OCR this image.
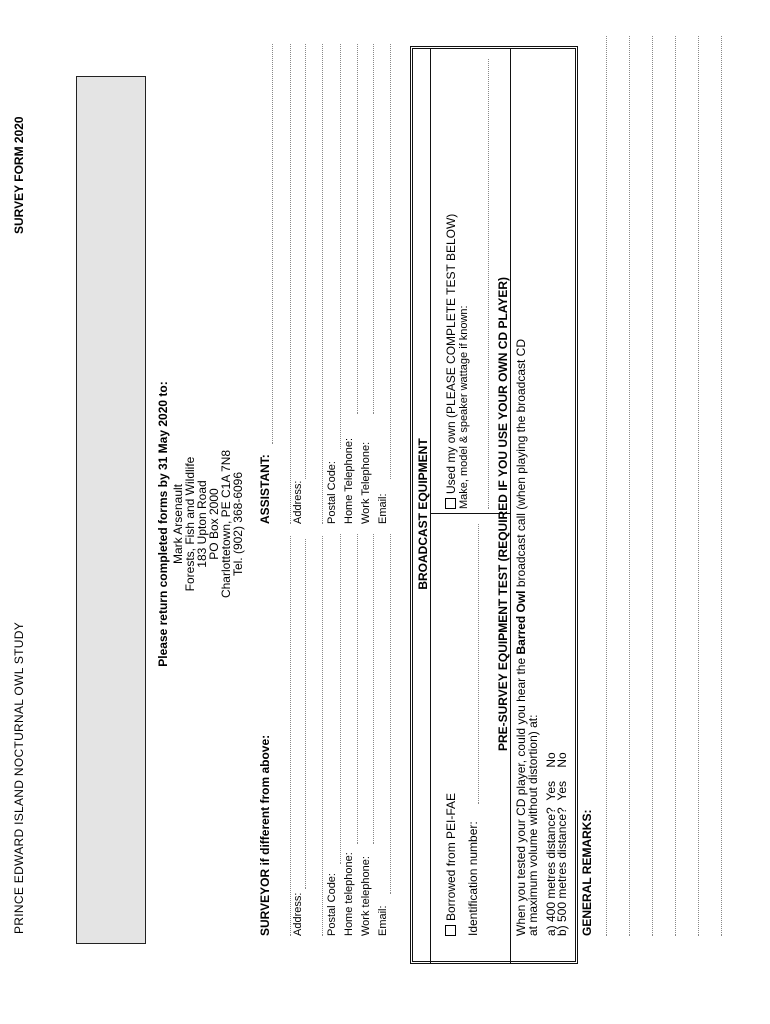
PRINCE EDWARD ISLAND NOCTURNAL OWL STUDY
SURVEY FORM 2020
Please return completed forms by 31 May 2020 to: Mark Arsenault
Forests, Fish and Wildlife
183 Upton Road
PO Box 2000
Charlottetown, PE C1A 7N8
Tel. (902) 368-6096
SURVEYOR if different from above: Address: Postal Code: Home telephone: Work telephone: Email:
ASSISTANT: Address: Postal Code: Home Telephone: Work Telephone: Email: BROADCAST EQUIPMENT
Borrowed from PEI-FAE Identification number:
Used my own (PLEASE COMPLETE TEST BELOW) Make, model & speaker wattage if known: PRE-SURVEY EQUIPMENT TEST (REQUIRED IF YOU USE YOUR OWN CD PLAYER)
When you tested your CD player, could you hear the Barred Owl broadcast call (when playing the broadcast CD
at maximum volume without distortion) at: a) 400 metres distance?  Yes    No
b) 500 metres distance?  Yes    No
GENERAL REMARKS:
